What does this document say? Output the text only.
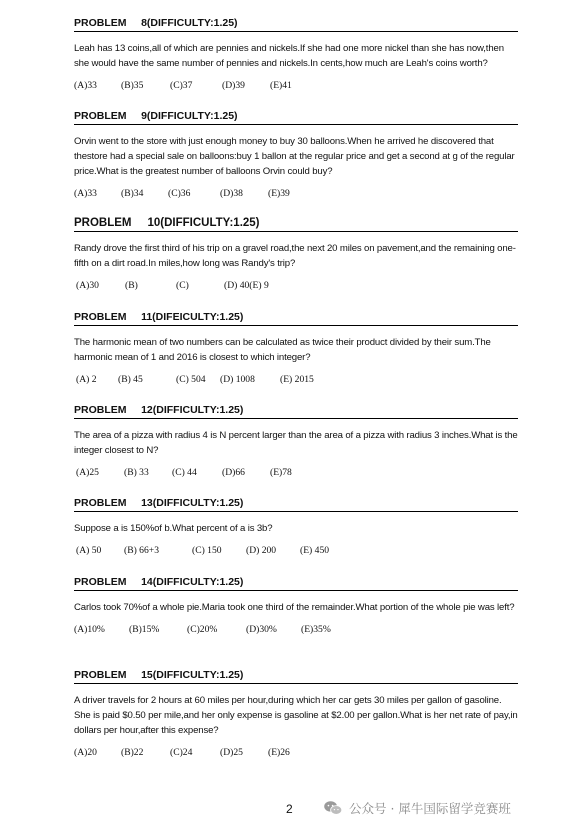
PROBLEM     8(DIFFICULTY:1.25)
Leah has 13 coins,all of which are pennies and nickels.If she had one more nickel than she has now,then she would have the same number of pennies and nickels.In cents,how much are Leah's coins worth?
(A)33	(B)35	(C)37	(D)39	(E)41
PROBLEM     9(DIFFICULTY:1.25)
Orvin went to the store with just enough money to buy 30 balloons.When he arrived he discovered that thestore had a special sale on balloons:buy 1 ballon at the regular price and get a second at g of the regular price.What is the greatest number of balloons Orvin could buy?
(A)33	(B)34	(C)36	(D)38	(E)39
PROBLEM     10(DIFFICULTY:1.25)
Randy drove the first third of his trip on a gravel road,the next 20 miles on pavement,and the remaining one-fifth on a dirt road.In miles,how long was Randy's trip?
(A)30	(B)	(C)	(D) 40(E) 9
PROBLEM     11(DIFEICULTY:1.25)
The harmonic mean of two numbers can be calculated as twice their product divided by their sum.The harmonic mean of 1 and 2016 is closest to which integer?
(A) 2 (B) 45	(C) 504 (D) 1008	(E) 2015
PROBLEM     12(DIFFICULTY:1.25)
The area of a pizza with radius 4 is N percent larger than the area of a pizza with radius 3 inches.What is the integer closest to N?
(A)25	(B) 33 (C) 44	(D)66	(E)78
PROBLEM     13(DIFFICULTY:1.25)
Suppose a is 150%of b.What percent of a is 3b?
(A) 50 (B) 66+3	(C) 150	(D) 200 (E) 450
PROBLEM     14(DIFFICULTY:1.25)
Carlos took 70%of a whole pie.Maria took one third of the remainder.What portion of the whole pie was left?
(A)10%	(B)15%	(C)20%	(D)30%	(E)35%
PROBLEM     15(DIFFICULTY:1.25)
A driver travels for 2 hours at 60 miles per hour,during which her car gets 30 miles per gallon of gasoline. She is paid $0.50 per mile,and her only expense is gasoline at $2.00 per gallon.What is her net rate of pay,in dollars per hour,after this expense?
(A)20	(B)22	(C)24	(D)25	(E)26
2	公众号 · 犀牛国际留学竞赛班
